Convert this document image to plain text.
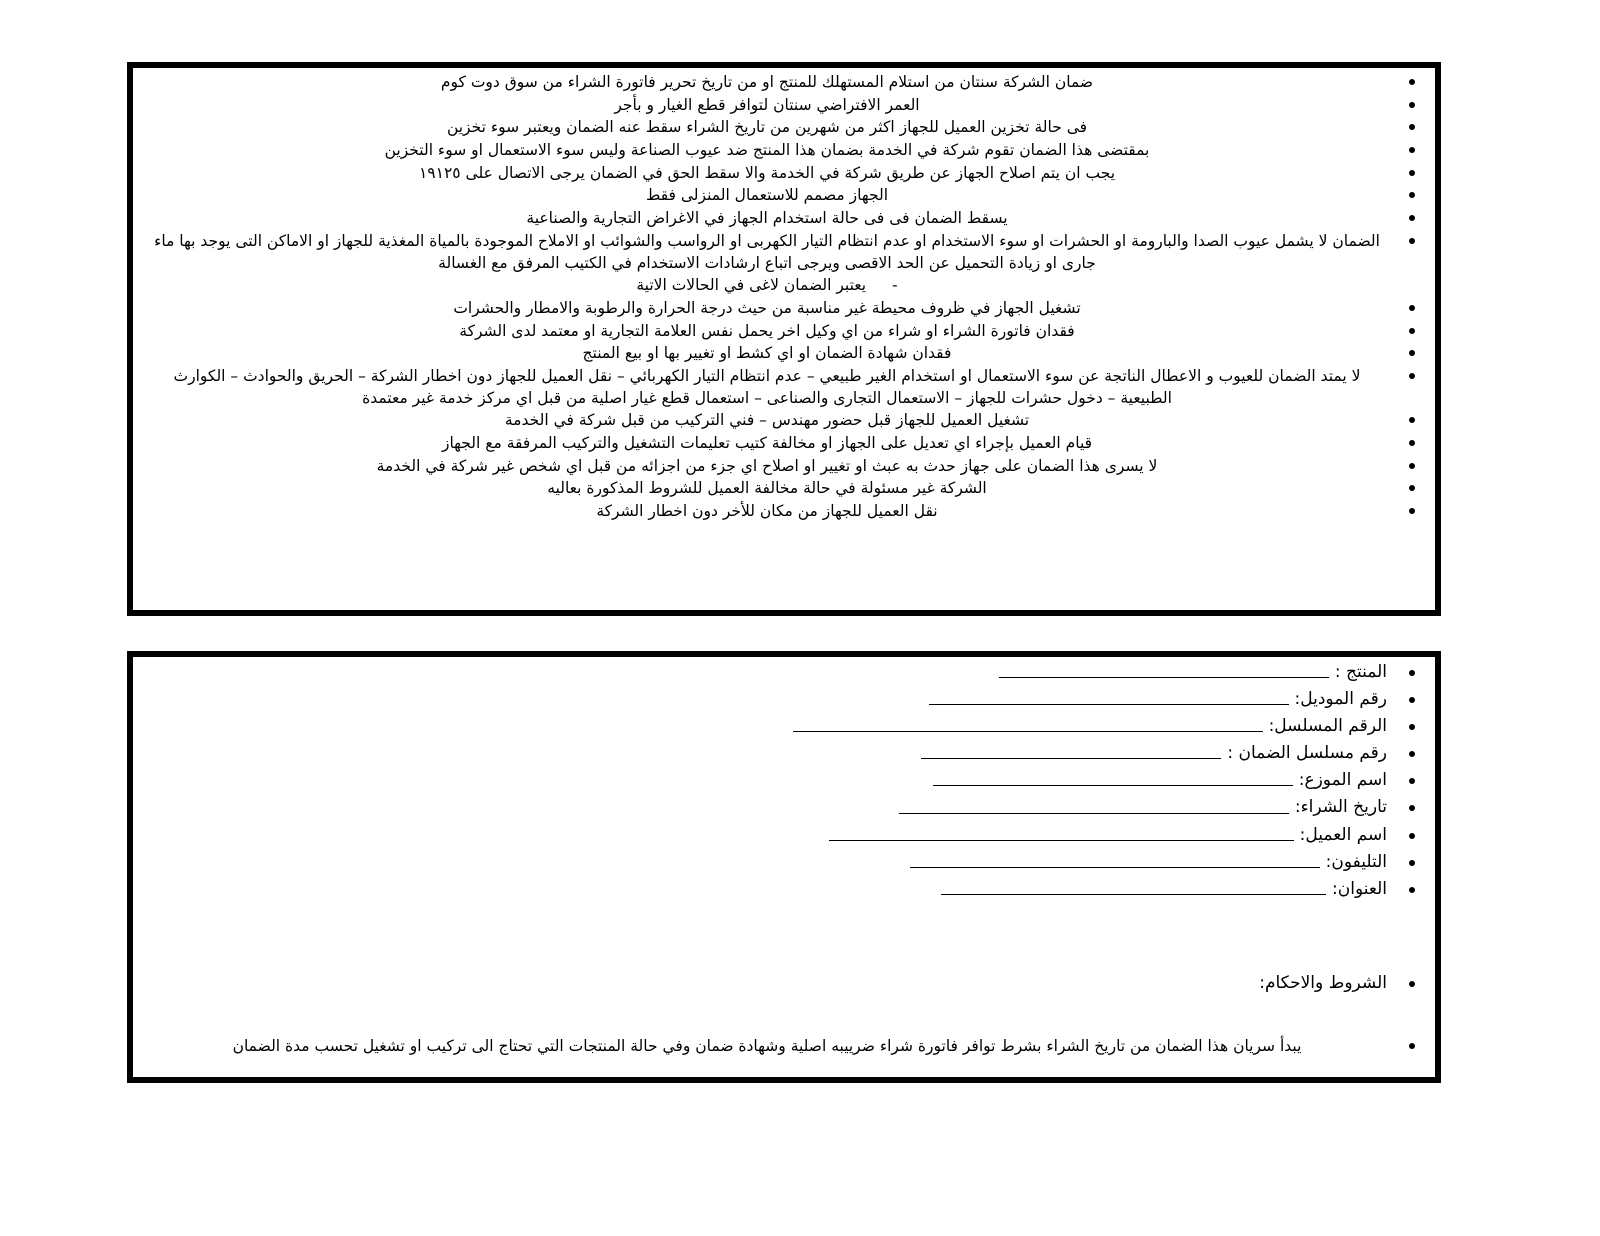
ضمان الشركة سنتان من استلام المستهلك للمنتج او من تاريخ تحرير فاتورة الشراء من سوق دوت كوم
العمر الافتراضي سنتان لتوافر قطع الغيار و بأجر
فى حالة تخزين العميل للجهاز اكثر من شهرين من تاريخ الشراء سقط عنه الضمان ويعتبر سوء تخزين
بمقتضى هذا الضمان تقوم شركة في الخدمة بضمان هذا المنتج ضد عيوب الصناعة وليس سوء الاستعمال او سوء التخزين
يجب ان يتم اصلاح الجهاز عن طريق شركة في الخدمة والا سقط الحق في الضمان يرجى الاتصال على ١٩١٢٥
الجهاز مصمم للاستعمال المنزلى فقط
يسقط الضمان فى فى حالة استخدام الجهاز في الاغراض التجارية والصناعية
الضمان لا يشمل عيوب الصدا والبارومة او الحشرات او سوء الاستخدام او عدم انتظام التيار الكهربى او الرواسب والشوائب او الاملاح الموجودة بالمياة المغذية للجهاز او الاماكن التى يوجد بها ماء جارى او زيادة التحميل عن الحد الاقصى ويرجى اتباع ارشادات الاستخدام في الكتيب المرفق مع الغسالة
-يعتبر الضمان لاغى في الحالات الاتية
تشغيل الجهاز في ظروف محيطة غير مناسبة من حيث درجة الحرارة والرطوبة والامطار والحشرات
فقدان فاتورة الشراء او شراء من اي وكيل اخر يحمل نفس العلامة التجارية او معتمد لدى الشركة
فقدان شهادة الضمان او اي كشط او تغيير بها او بيع المنتج
لا يمتد الضمان للعيوب و الاعطال الناتجة عن سوء الاستعمال او استخدام الغير طبيعي – عدم انتظام التيار الكهربائي – نقل العميل للجهاز دون اخطار الشركة – الحريق والحوادث – الكوارث الطبيعية – دخول حشرات للجهاز – الاستعمال التجارى والصناعى – استعمال قطع غيار اصلية من قبل اي مركز خدمة غير معتمدة
تشغيل العميل للجهاز قبل حضور مهندس – فني التركيب من قبل شركة في الخدمة
قيام العميل بإجراء اي تعديل على الجهاز او مخالفة كتيب تعليمات التشغيل والتركيب المرفقة مع الجهاز
لا يسرى هذا الضمان على جهاز حدث به عبث او تغيير او اصلاح اي جزء من اجزائه من قبل اي شخص غير شركة في الخدمة
الشركة غير مسئولة في حالة مخالفة العميل للشروط المذكورة بعاليه
نقل العميل للجهاز من مكان للأخر دون اخطار الشركة
المنتج :
رقم الموديل:
الرقم المسلسل:
رقم مسلسل الضمان :
اسم الموزع:
تاريخ الشراء:
اسم العميل:
التليفون:
العنوان:
الشروط والاحكام:
يبدأ سريان هذا الضمان من تاريخ الشراء بشرط توافر فاتورة شراء ضرييبه اصلية وشهادة ضمان وفي حالة المنتجات التي تحتاج الى تركيب او تشغيل تحسب مدة الضمان
